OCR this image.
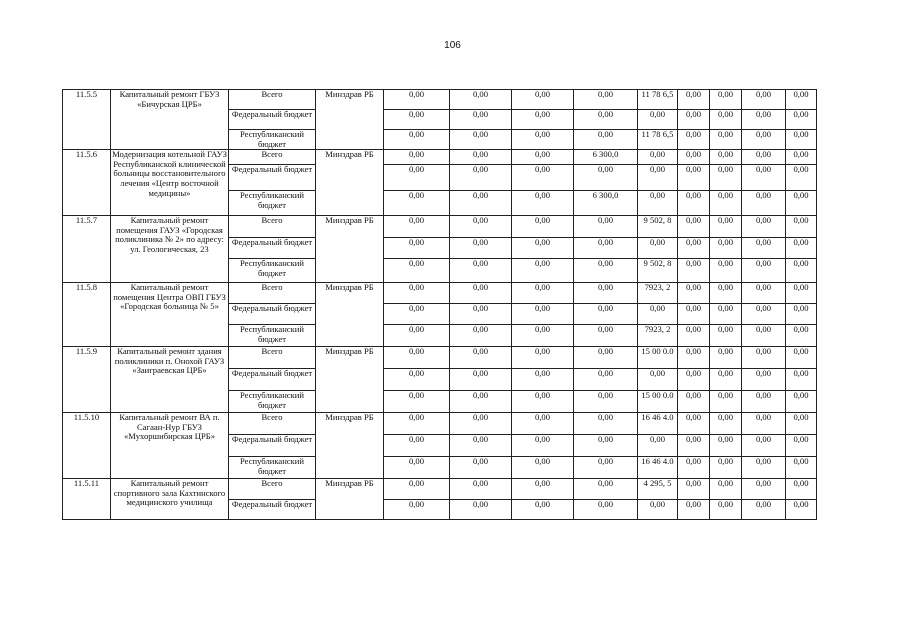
106
11.5.5	Капитальный ремонт ГБУЗ «Бичурская ЦРБ»	Всего	Минздрав РБ	0,00	0,00	0,00	0,00	11 78 6,5	0,00	0,00	0,00	0,00
		Федеральный бюджет		0,00	0,00	0,00	0,00	0,00	0,00	0,00	0,00	0,00
		Республиканский бюджет		0,00	0,00	0,00	0,00	11 78 6,5	0,00	0,00	0,00	0,00
11.5.6	Модернизация котельной ГАУЗ Республиканской клинической больницы восстановительного лечения «Центр восточной медицины»	Всего	Минздрав РБ	0,00	0,00	0,00	6 300,0	0,00	0,00	0,00	0,00	0,00
		Федеральный бюджет		0,00	0,00	0,00	0,00	0,00	0,00	0,00	0,00	0,00
		Республиканский бюджет		0,00	0,00	0,00	6 300,0	0,00	0,00	0,00	0,00	0,00
11.5.7	Капитальный ремонт помещения ГАУЗ «Городская поликлиника № 2» по адресу: ул. Геологическая, 23	Всего	Минздрав РБ	0,00	0,00	0,00	0,00	9 502, 8	0,00	0,00	0,00	0,00
		Федеральный бюджет		0,00	0,00	0,00	0,00	0,00	0,00	0,00	0,00	0,00
		Республиканский бюджет		0,00	0,00	0,00	0,00	9 502, 8	0,00	0,00	0,00	0,00
11.5.8	Капитальный ремонт помещения Центра ОВП ГБУЗ «Городская больница № 5»	Всего	Минздрав РБ	0,00	0,00	0,00	0,00	7923, 2	0,00	0,00	0,00	0,00
		Федеральный бюджет		0,00	0,00	0,00	0,00	0,00	0,00	0,00	0,00	0,00
		Республиканский бюджет		0,00	0,00	0,00	0,00	7923, 2	0,00	0,00	0,00	0,00
11.5.9	Капитальный ремонт здания поликлиники п. Онохой ГАУЗ «Заиграевская ЦРБ»	Всего	Минздрав РБ	0,00	0,00	0,00	0,00	15 00 0.0	0,00	0,00	0,00	0,00
		Федеральный бюджет		0,00	0,00	0,00	0,00	0,00	0,00	0,00	0,00	0,00
		Республиканский бюджет		0,00	0,00	0,00	0,00	15 00 0.0	0,00	0,00	0,00	0,00
11.5.10	Капитальный ремонт ВА п. Сагаан-Нур ГБУЗ «Мухоршибирская ЦРБ»	Всего	Минздрав РБ	0,00	0,00	0,00	0,00	16 46 4.0	0,00	0,00	0,00	0,00
		Федеральный бюджет		0,00	0,00	0,00	0,00	0,00	0,00	0,00	0,00	0,00
		Республиканский бюджет		0,00	0,00	0,00	0,00	16 46 4.0	0,00	0,00	0,00	0,00
11.5.11	Капитальный ремонт спортивного зала Кахтинского медицинского училища	Всего	Минздрав РБ	0,00	0,00	0,00	0,00	4 295, 5	0,00	0,00	0,00	0,00
		Федеральный бюджет		0,00	0,00	0,00	0,00	0,00	0,00	0,00	0,00	0,00
